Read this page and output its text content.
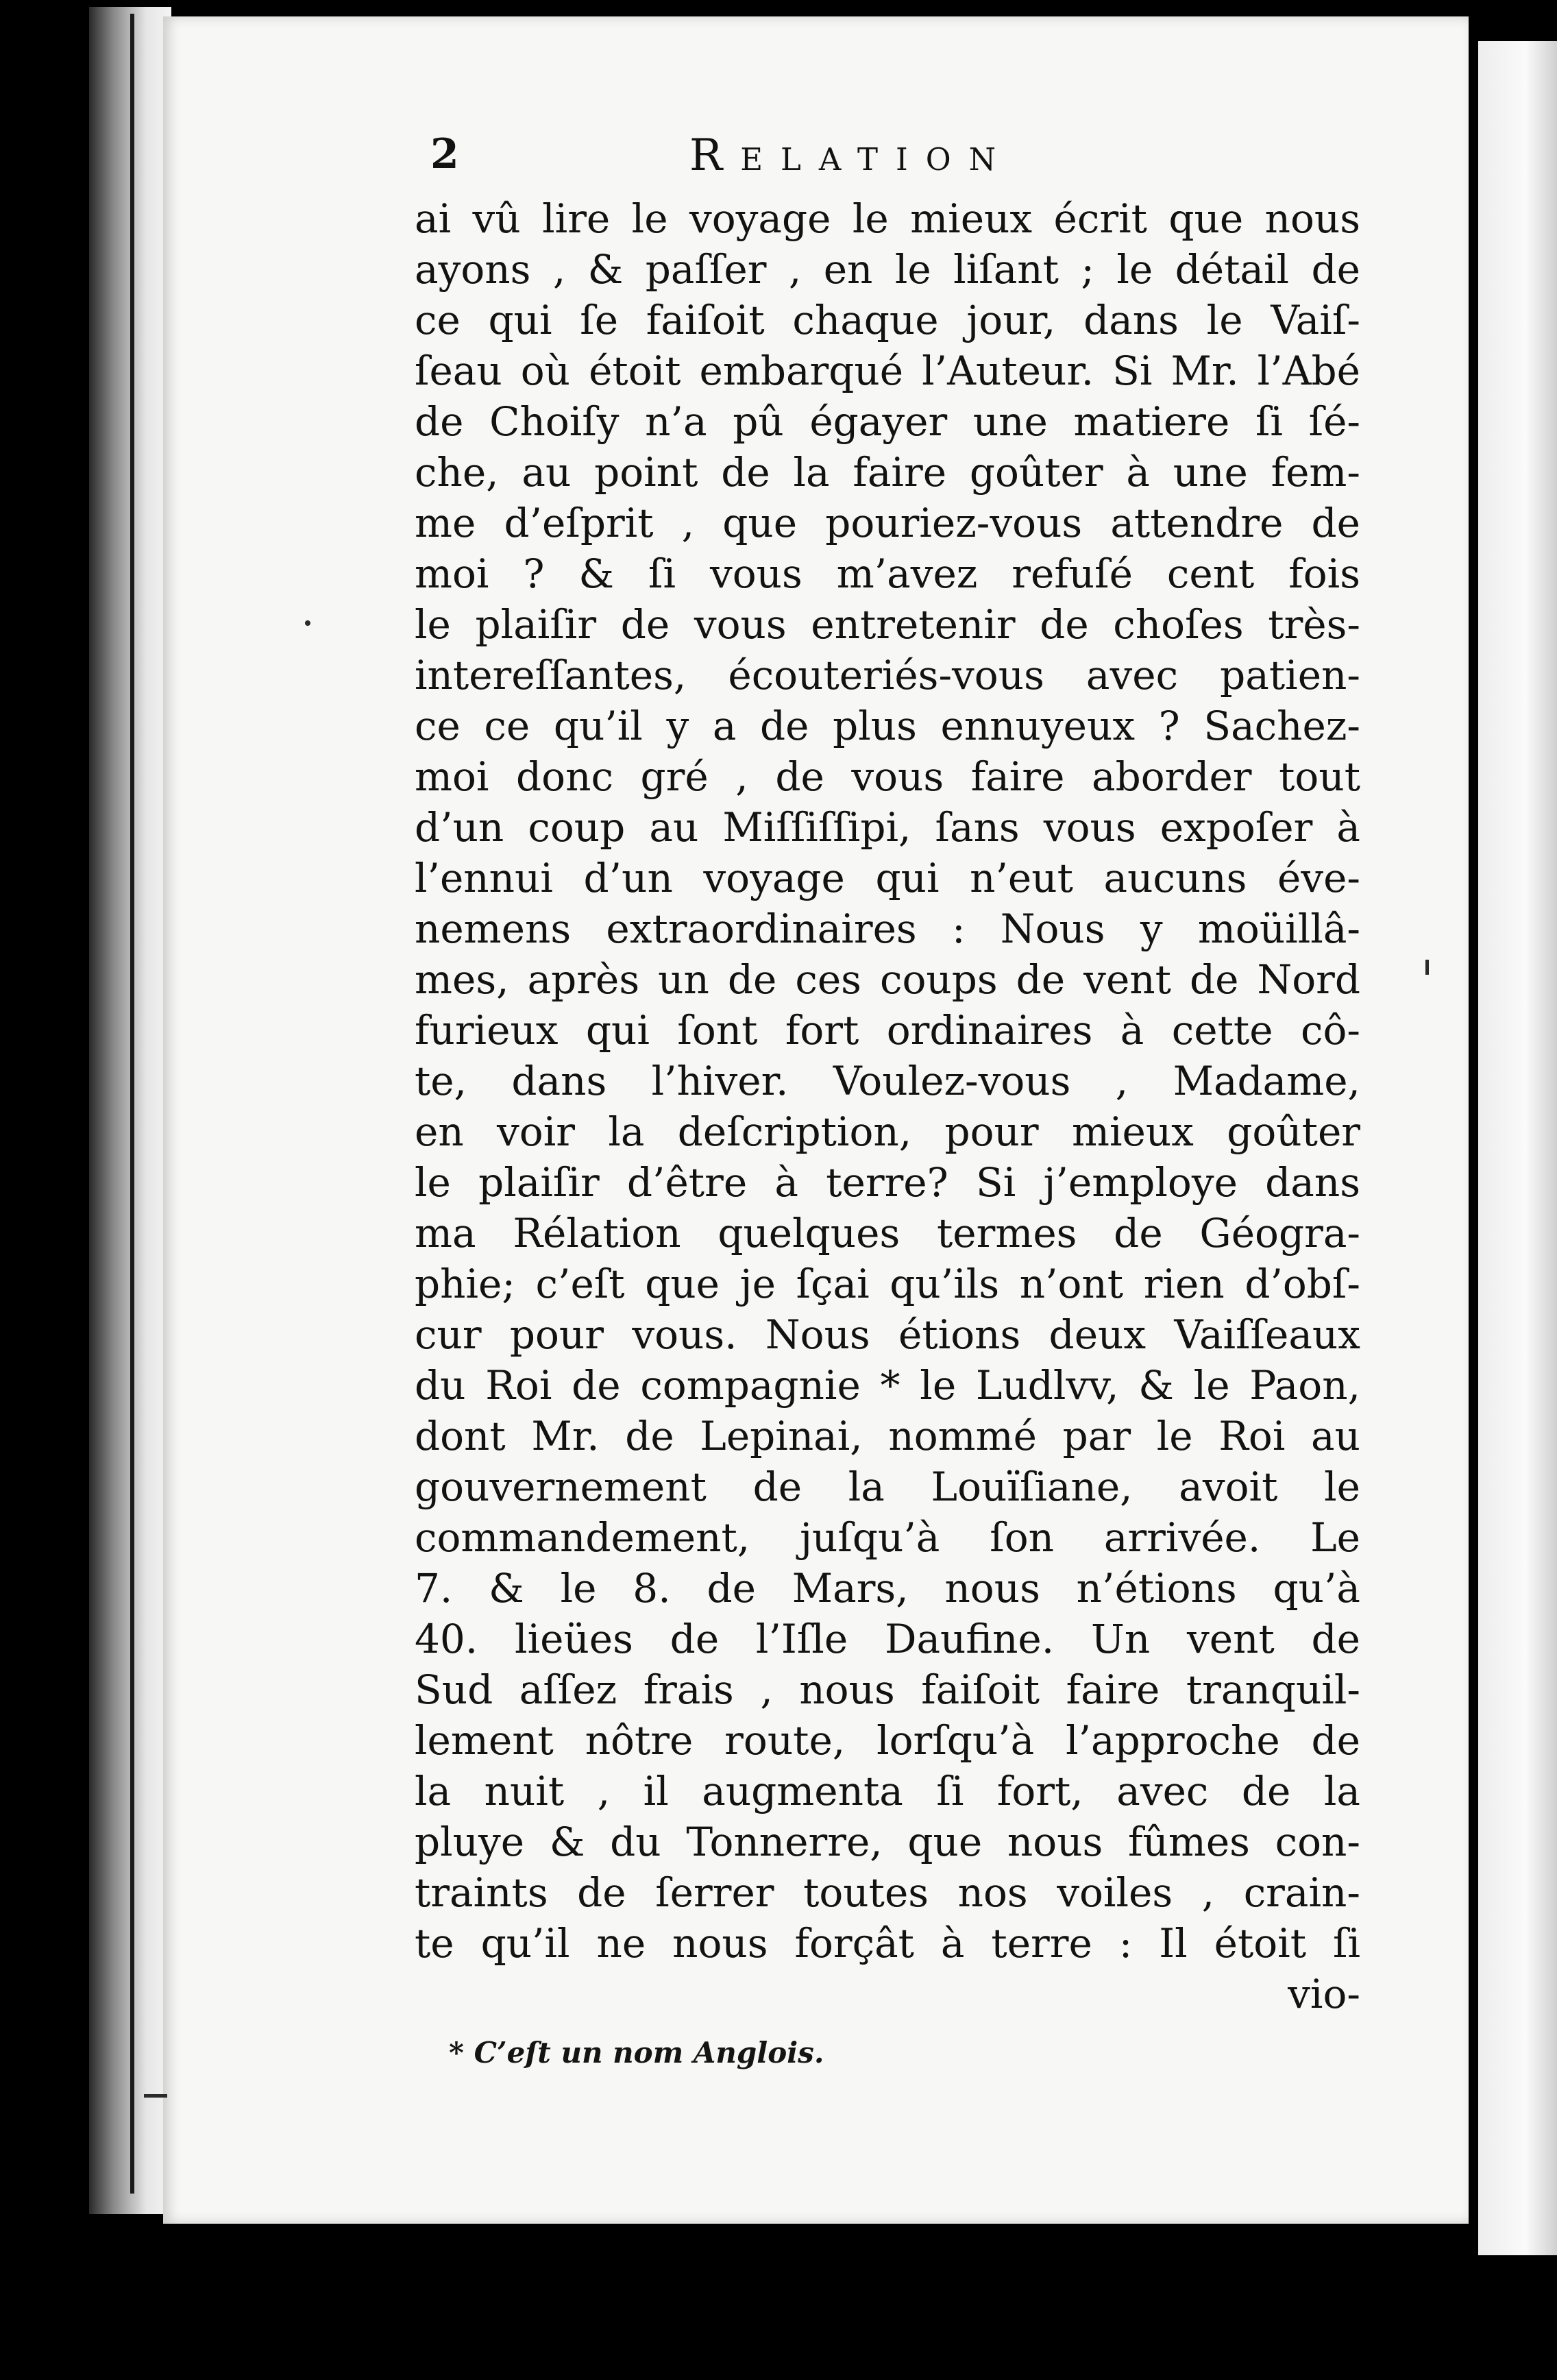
2	Relation
ai vû lire le voyage le mieux écrit que nous
ayons , & paſſer , en le liſant ; le détail de
ce qui ſe faiſoit chaque jour, dans le Vaiſ-
ſeau où étoit embarqué l’Auteur. Si Mr. l’Abé
de Choiſy n’a pû égayer une matiere ſi ſé-
che, au point de la faire goûter à une fem-
me d’eſprit , que pouriez-vous attendre de
moi ? & ſi vous m’avez refuſé cent fois
le plaiſir de vous entretenir de choſes très-
intereſſantes, écouteriés-vous avec patien-
ce ce qu’il y a de plus ennuyeux ? Sachez-
moi donc gré , de vous faire aborder tout
d’un coup au Miſſiſſipi, ſans vous expoſer à
l’ennui d’un voyage qui n’eut aucuns éve-
nemens extraordinaires : Nous y moüillâ-
mes, après un de ces coups de vent de Nord
furieux qui ſont fort ordinaires à cette cô-
te, dans l’hiver. Voulez-vous , Madame,
en voir la deſcription, pour mieux goûter
le plaiſir d’être à terre? Si j’employe dans
ma Rélation quelques termes de Géogra-
phie; c’eſt que je ſçai qu’ils n’ont rien d’obſ-
cur pour vous. Nous étions deux Vaiſſeaux
du Roi de compagnie * le Ludlvv, & le Paon,
dont Mr. de Lepinai, nommé par le Roi au
gouvernement de la Louïſiane, avoit le
commandement, juſqu’à ſon arrivée. Le
7. & le 8. de Mars, nous n’étions qu’à
40. lieües de l’Iſle Daufine. Un vent de
Sud aſſez frais , nous faiſoit faire tranquil-
lement nôtre route, lorſqu’à l’approche de
la nuit , il augmenta ſi fort, avec de la
pluye & du Tonnerre, que nous fûmes con-
traints de ſerrer toutes nos voiles , crain-
te qu’il ne nous forçât à terre : Il étoit ſi
vio-
* C’eſt un nom Anglois.
